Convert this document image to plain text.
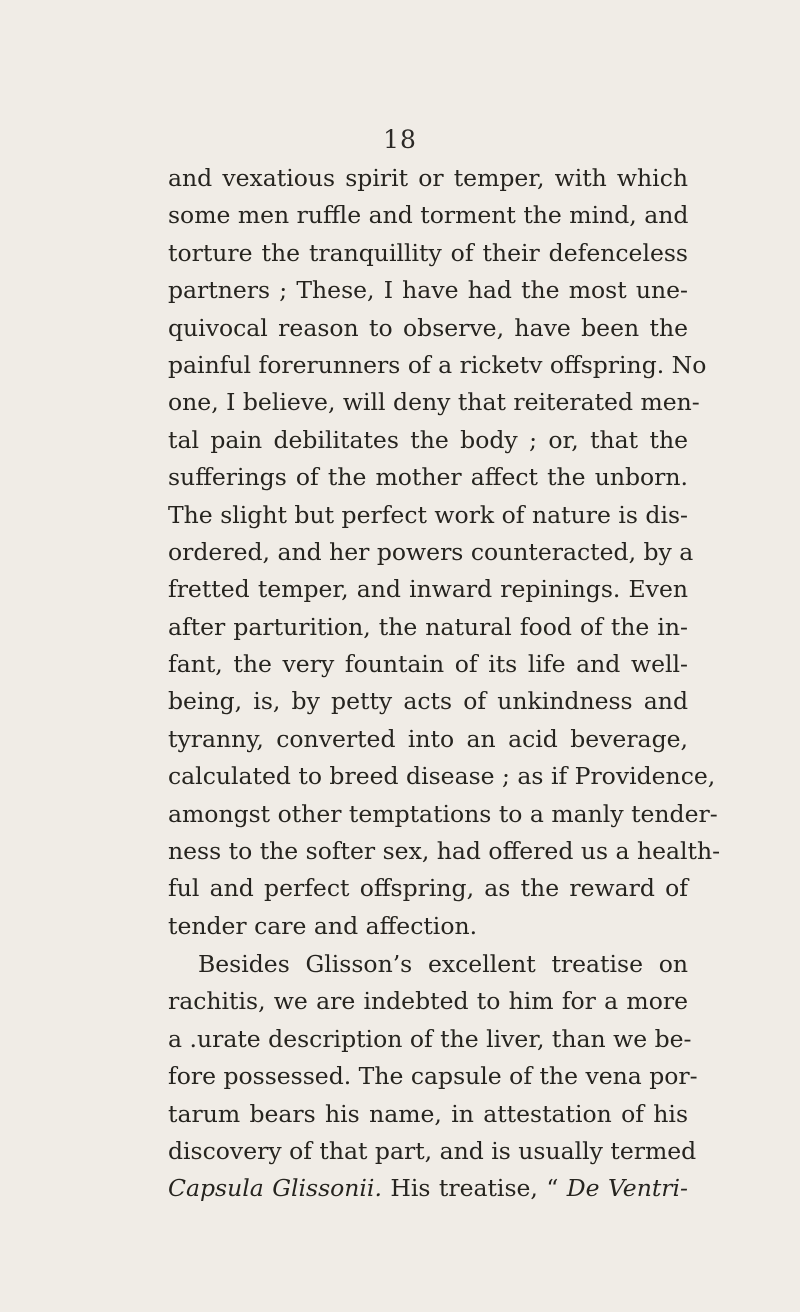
18
and vexatious spirit or temper, with which
some men ruffle and torment the mind, and
torture the tranquillity of their defenceless
partners ; These, I have had the most une-
quivocal reason to observe, have been the
painful forerunners of a ricketv offspring. No
one, I believe, will deny that reiterated men-
tal pain debilitates the body ; or, that the
sufferings of the mother affect the unborn.
The slight but perfect work of nature is dis-
ordered, and her powers counteracted, by a
fretted temper, and inward repinings. Even
after parturition, the natural food of the in-
fant, the very fountain of its life and well-
being, is, by petty acts of unkindness and
tyranny, converted into an acid beverage,
calculated to breed disease ; as if Providence,
amongst other temptations to a manly tender-
ness to the softer sex, had offered us a health-
ful and perfect offspring, as the reward of
tender care and affection.
Besides Glisson’s excellent treatise on
rachitis, we are indebted to him for a more
a .urate description of the liver, than we be-
fore possessed. The capsule of the vena por-
tarum bears his name, in attestation of his
discovery of that part, and is usually termed
Capsula Glissonii. His treatise, “ De Ventri-
